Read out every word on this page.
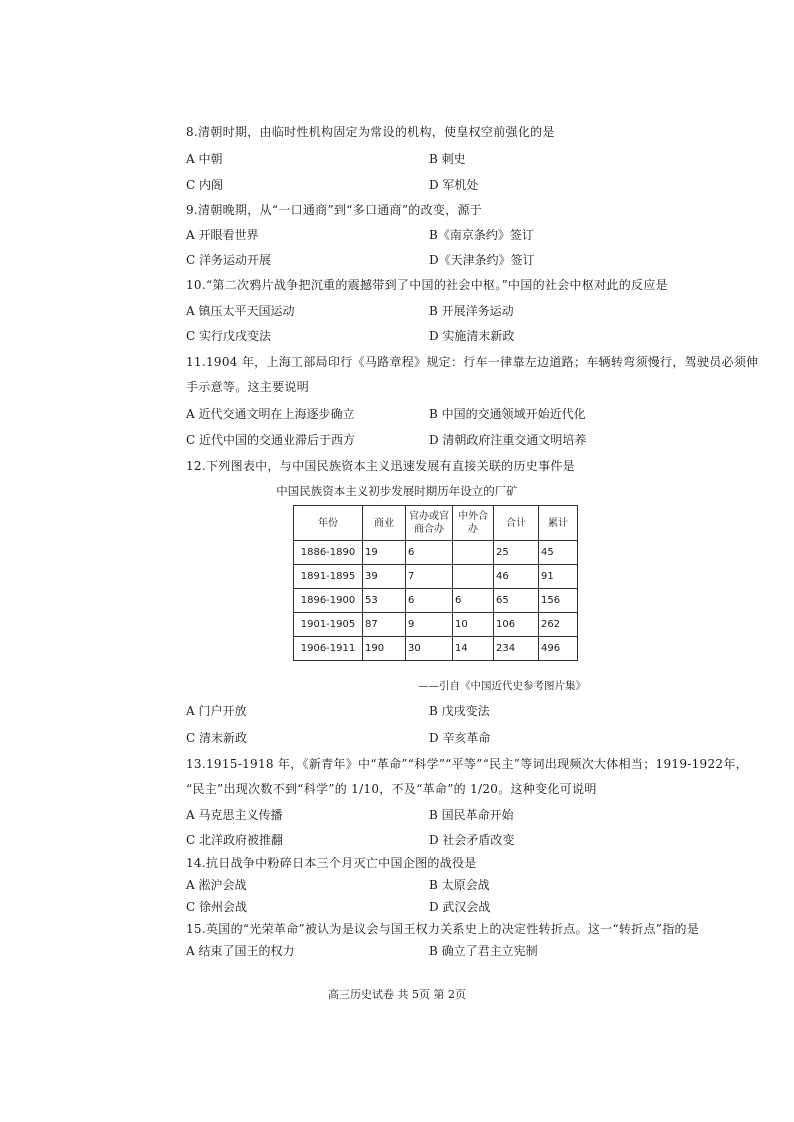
8.清朝时期，由临时性机构固定为常设的机构，使皇权空前强化的是
A 中朝	B 刺史
C 内阁	D 军机处
9.清朝晚期，从“一口通商”到“多口通商”的改变，源于
A 开眼看世界	B《南京条约》签订
C 洋务运动开展	D《天津条约》签订
10.“第二次鸦片战争把沉重的震撼带到了中国的社会中枢。”中国的社会中枢对此的反应是
A 镇压太平天国运动	B 开展洋务运动
C 实行戊戌变法	D 实施清末新政
11.1904 年，上海工部局印行《马路章程》规定：行车一律靠左边道路；车辆转弯须慢行，驾驶员必须伸
手示意等。这主要说明
A 近代交通文明在上海逐步确立	B 中国的交通领域开始近代化
C 近代中国的交通业滞后于西方	D 清朝政府注重交通文明培养
12.下列图表中，与中国民族资本主义迅速发展有直接关联的历史事件是
中国民族资本主义初步发展时期历年设立的厂矿
年份	商业	官办或官商合办	中外合办	合计	累计
1886-1890	19	6		25	45
1891-1895	39	7		46	91
1896-1900	53	6	6	65	156
1901-1905	87	9	10	106	262
1906-1911	190	30	14	234	496
——引自《中国近代史参考图片集》
A 门户开放	B 戊戌变法
C 清末新政	D 辛亥革命
13.1915-1918 年，《新青年》中“革命”“科学”“平等”“民主”等词出现频次大体相当；1919-1922年，
“民主”出现次数不到“科学”的 1/10，不及“革命”的 1/20。这种变化可说明
A 马克思主义传播	B 国民革命开始
C 北洋政府被推翻	D 社会矛盾改变
14.抗日战争中粉碎日本三个月灭亡中国企图的战役是
A 淞沪会战	B 太原会战
C 徐州会战	D 武汉会战
15.英国的“光荣革命”被认为是议会与国王权力关系史上的决定性转折点。这一“转折点”指的是
A 结束了国王的权力	B 确立了君主立宪制
高三历史试卷 共 5页 第 2页
